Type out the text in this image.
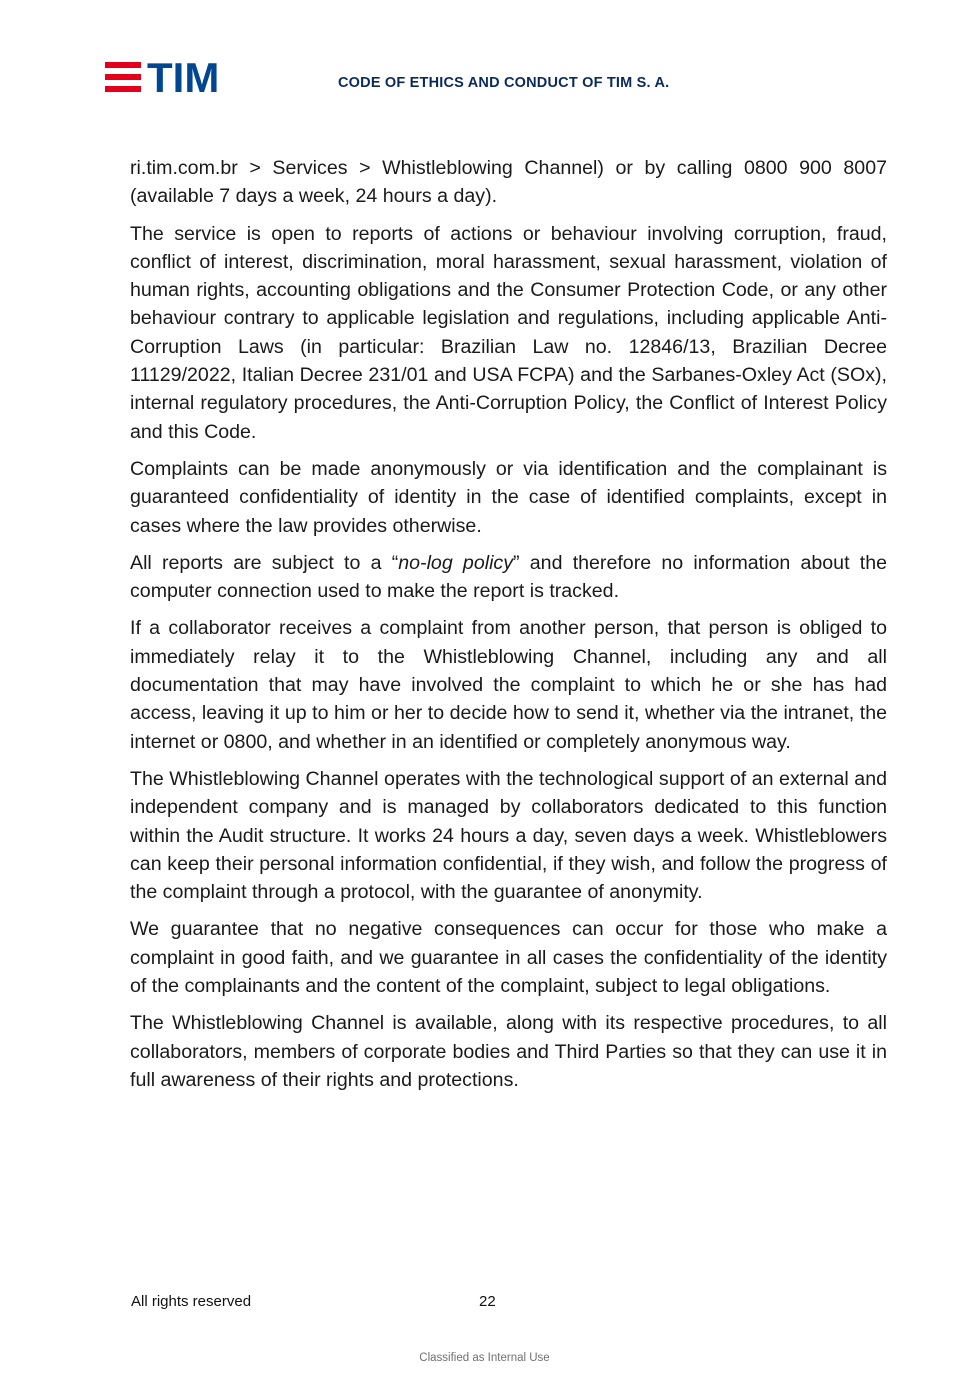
TIM	CODE OF ETHICS AND CONDUCT OF TIM S. A.

ri.tim.com.br > Services > Whistleblowing Channel) or by calling 0800 900 8007 (available 7 days a week, 24 hours a day).

The service is open to reports of actions or behaviour involving corruption, fraud, conflict of interest, discrimination, moral harassment, sexual harassment, violation of human rights, accounting obligations and the Consumer Protection Code, or any other behaviour contrary to applicable legislation and regulations, including applicable Anti-Corruption Laws (in particular: Brazilian Law no. 12846/13, Brazilian Decree 11129/2022, Italian Decree 231/01 and USA FCPA) and the Sarbanes-Oxley Act (SOx), internal regulatory procedures, the Anti-Corruption Policy, the Conflict of Interest Policy and this Code.

Complaints can be made anonymously or via identification and the complainant is guaranteed confidentiality of identity in the case of identified complaints, except in cases where the law provides otherwise.

All reports are subject to a “no-log policy” and therefore no information about the computer connection used to make the report is tracked.

If a collaborator receives a complaint from another person, that person is obliged to immediately relay it to the Whistleblowing Channel, including any and all documentation that may have involved the complaint to which he or she has had access, leaving it up to him or her to decide how to send it, whether via the intranet, the internet or 0800, and whether in an identified or completely anonymous way.

The Whistleblowing Channel operates with the technological support of an external and independent company and is managed by collaborators dedicated to this function within the Audit structure. It works 24 hours a day, seven days a week. Whistleblowers can keep their personal information confidential, if they wish, and follow the progress of the complaint through a protocol, with the guarantee of anonymity.

We guarantee that no negative consequences can occur for those who make a complaint in good faith, and we guarantee in all cases the confidentiality of the identity of the complainants and the content of the complaint, subject to legal obligations.

The Whistleblowing Channel is available, along with its respective procedures, to all collaborators, members of corporate bodies and Third Parties so that they can use it in full awareness of their rights and protections.

All rights reserved	22
Classified as Internal Use
